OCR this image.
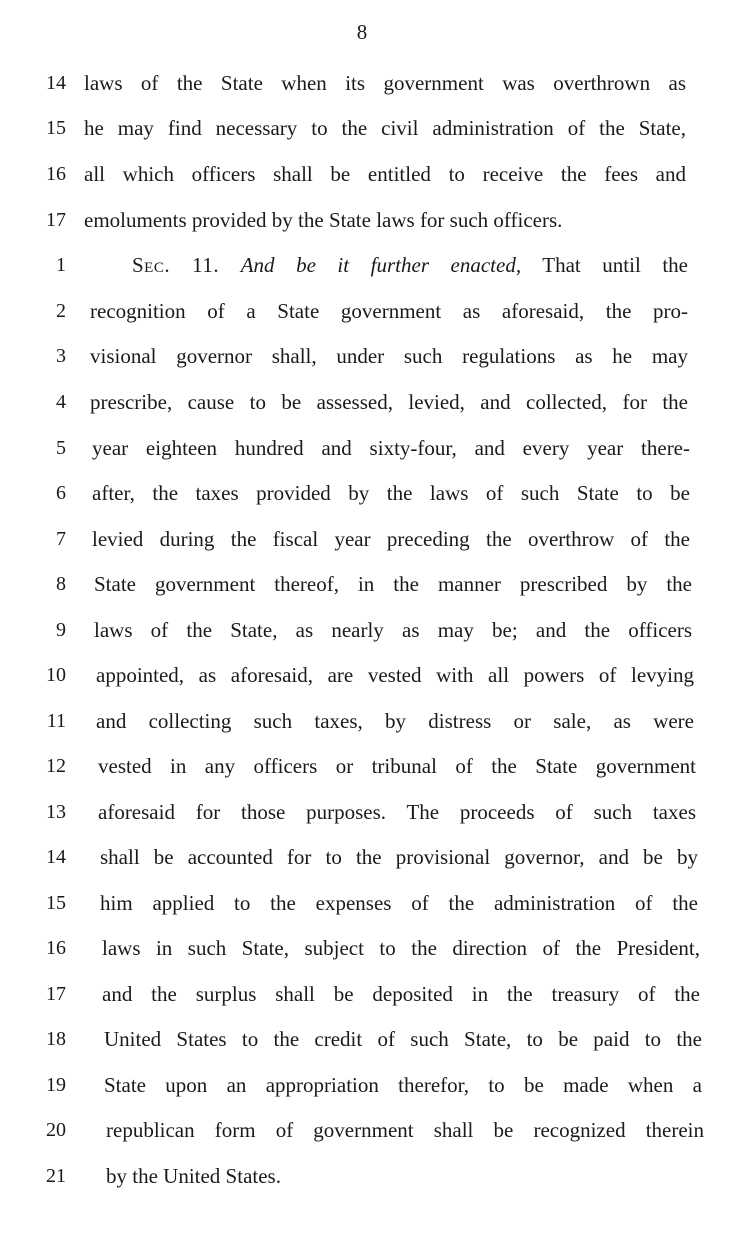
8
14 laws of the State when its government was overthrown as
15 he may find necessary to the civil administration of the State,
16 all which officers shall be entitled to receive the fees and
17 emoluments provided by the State laws for such officers.
1	Sec. 11. And be it further enacted, That until the
2 recognition of a State government as aforesaid, the pro-
3 visional governor shall, under such regulations as he may
4 prescribe, cause to be assessed, levied, and collected, for the
5 year eighteen hundred and sixty-four, and every year there-
6 after, the taxes provided by the laws of such State to be
7 levied during the fiscal year preceding the overthrow of the
8 State government thereof, in the manner prescribed by the
9 laws of the State, as nearly as may be; and the officers
10 appointed, as aforesaid, are vested with all powers of levying
11 and collecting such taxes, by distress or sale, as were
12 vested in any officers or tribunal of the State government
13 aforesaid for those purposes. The proceeds of such taxes
14 shall be accounted for to the provisional governor, and be by
15 him applied to the expenses of the administration of the
16 laws in such State, subject to the direction of the President,
17 and the surplus shall be deposited in the treasury of the
18 United States to the credit of such State, to be paid to the
19 State upon an appropriation therefor, to be made when a
20 republican form of government shall be recognized therein
21 by the United States.
